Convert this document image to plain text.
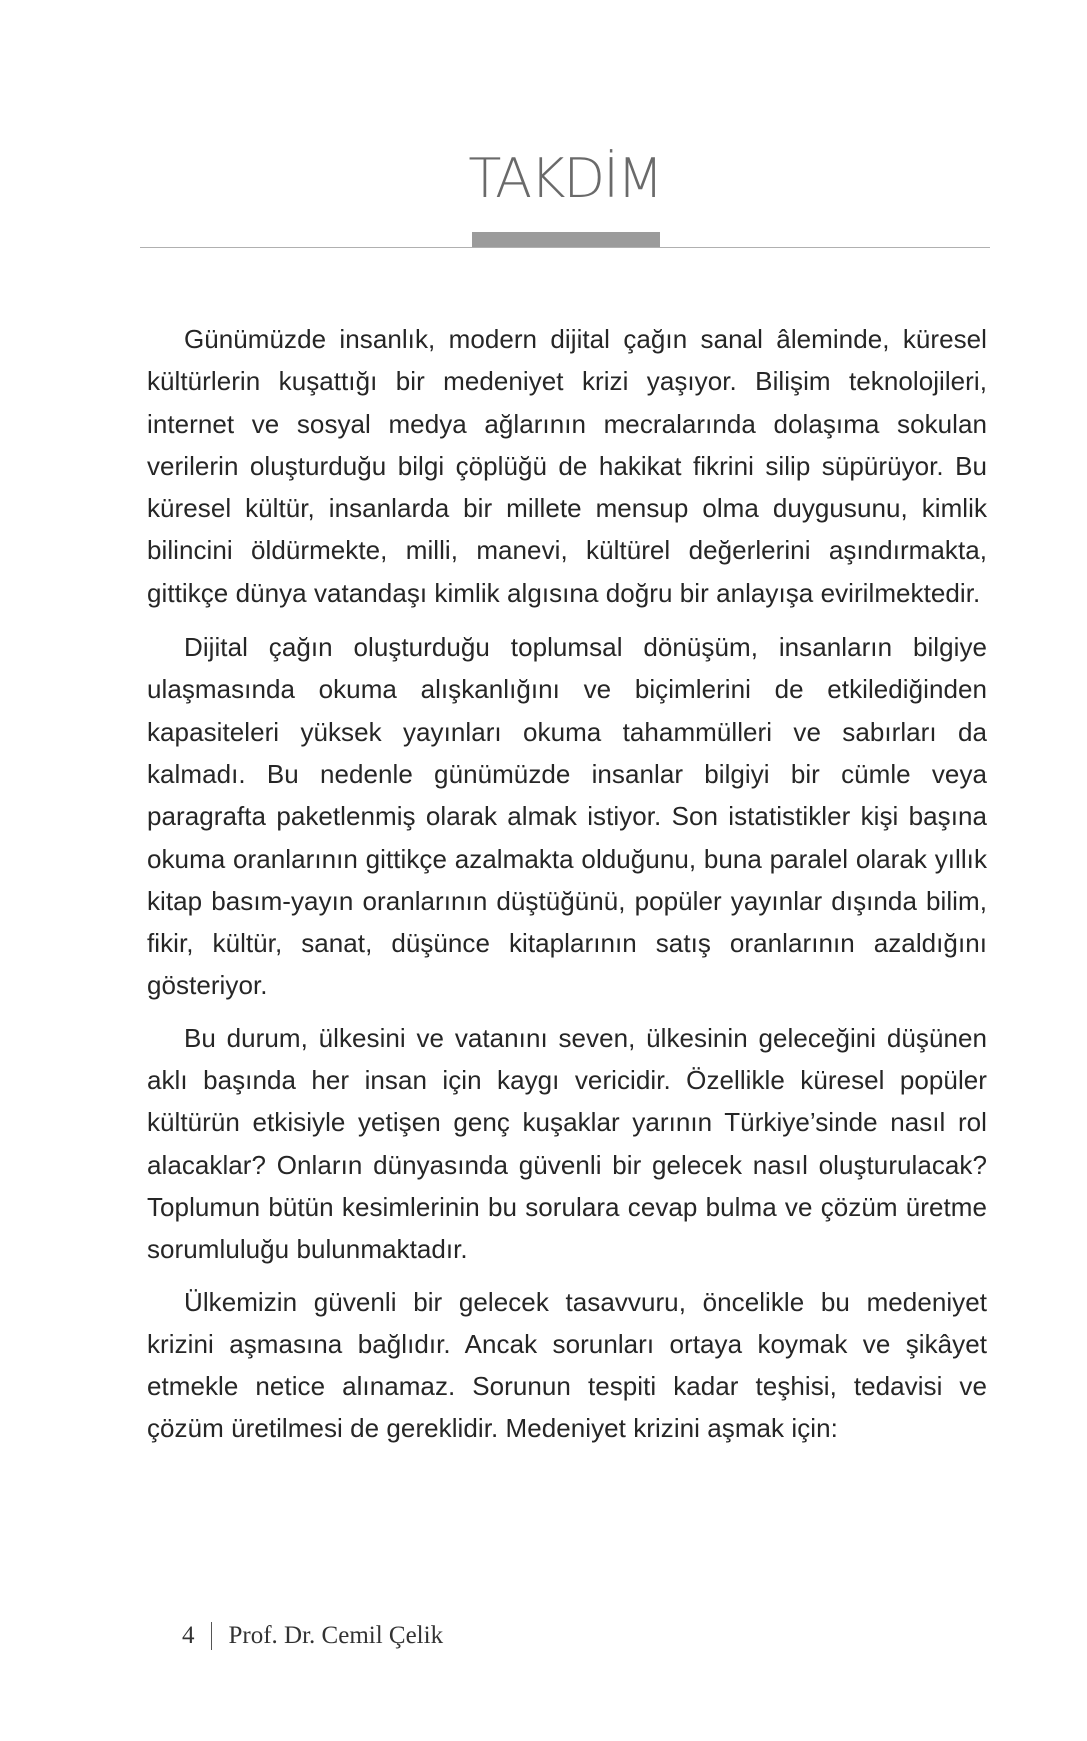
TAKDİM

Günümüzde insanlık, modern dijital çağın sanal âleminde, küresel kültürlerin kuşattığı bir medeniyet krizi yaşıyor. Bilişim teknolojileri, internet ve sosyal medya ağlarının mecralarında dolaşıma sokulan verilerin oluşturduğu bilgi çöplüğü de hakikat fikrini silip süpürüyor. Bu küresel kültür, insanlarda bir millete mensup olma duygusunu, kimlik bilincini öldürmekte, milli, manevi, kültürel değerlerini aşındırmakta, gittikçe dünya vatandaşı kimlik algısına doğru bir anlayışa evirilmektedir.

Dijital çağın oluşturduğu toplumsal dönüşüm, insanların bilgiye ulaşmasında okuma alışkanlığını ve biçimlerini de etkilediğinden kapasiteleri yüksek yayınları okuma tahammülleri ve sabırları da kalmadı. Bu nedenle günümüzde insanlar bilgiyi bir cümle veya paragrafta paketlenmiş olarak almak istiyor. Son istatistikler kişi başına okuma oranlarının gittikçe azalmakta olduğunu, buna paralel olarak yıllık kitap basım-yayın oranlarının düştüğünü, popüler yayınlar dışında bilim, fikir, kültür, sanat, düşünce kitaplarının satış oranlarının azaldığını gösteriyor.

Bu durum, ülkesini ve vatanını seven, ülkesinin geleceğini düşünen aklı başında her insan için kaygı vericidir. Özellikle küresel popüler kültürün etkisiyle yetişen genç kuşaklar yarının Türkiye’sinde nasıl rol alacaklar? Onların dünyasında güvenli bir gelecek nasıl oluşturulacak? Toplumun bütün kesimlerinin bu sorulara cevap bulma ve çözüm üretme sorumluluğu bulunmaktadır.

Ülkemizin güvenli bir gelecek tasavvuru, öncelikle bu medeniyet krizini aşmasına bağlıdır. Ancak sorunları ortaya koymak ve şikâyet etmekle netice alınamaz. Sorunun tespiti kadar teşhisi, tedavisi ve çözüm üretilmesi de gereklidir. Medeniyet krizini aşmak için:

4 Prof. Dr. Cemil Çelik
